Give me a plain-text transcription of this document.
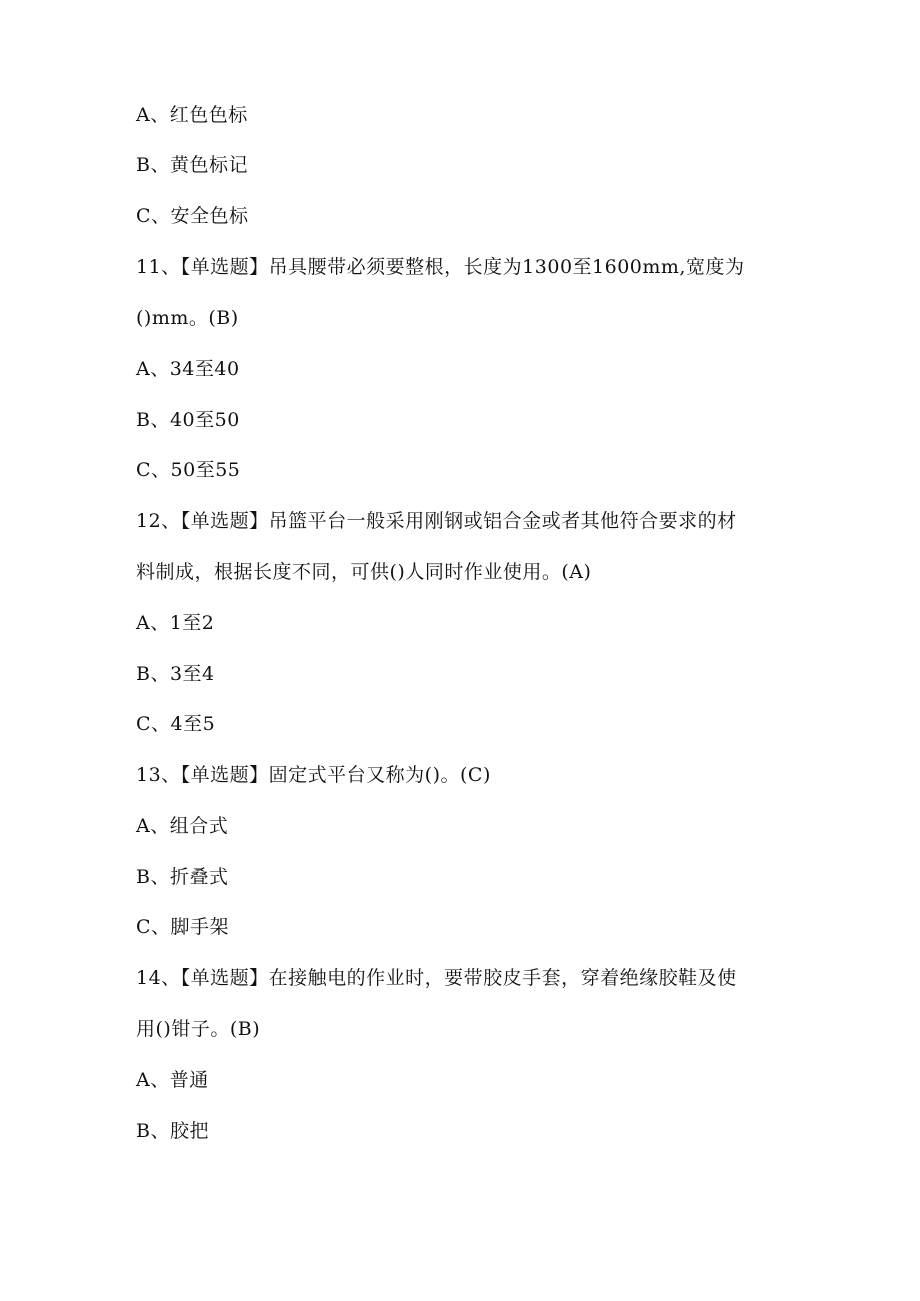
A、红色色标
B、黄色标记
C、安全色标
11、【单选题】吊具腰带必须要整根，长度为1300至1600mm,宽度为
()mm。(B)
A、34至40
B、40至50
C、50至55
12、【单选题】吊篮平台一般采用刚钢或铝合金或者其他符合要求的材
料制成，根据长度不同，可供()人同时作业使用。(A)
A、1至2
B、3至4
C、4至5
13、【单选题】固定式平台又称为()。(C)
A、组合式
B、折叠式
C、脚手架
14、【单选题】在接触电的作业时，要带胶皮手套，穿着绝缘胶鞋及使
用()钳子。(B)
A、普通
B、胶把
